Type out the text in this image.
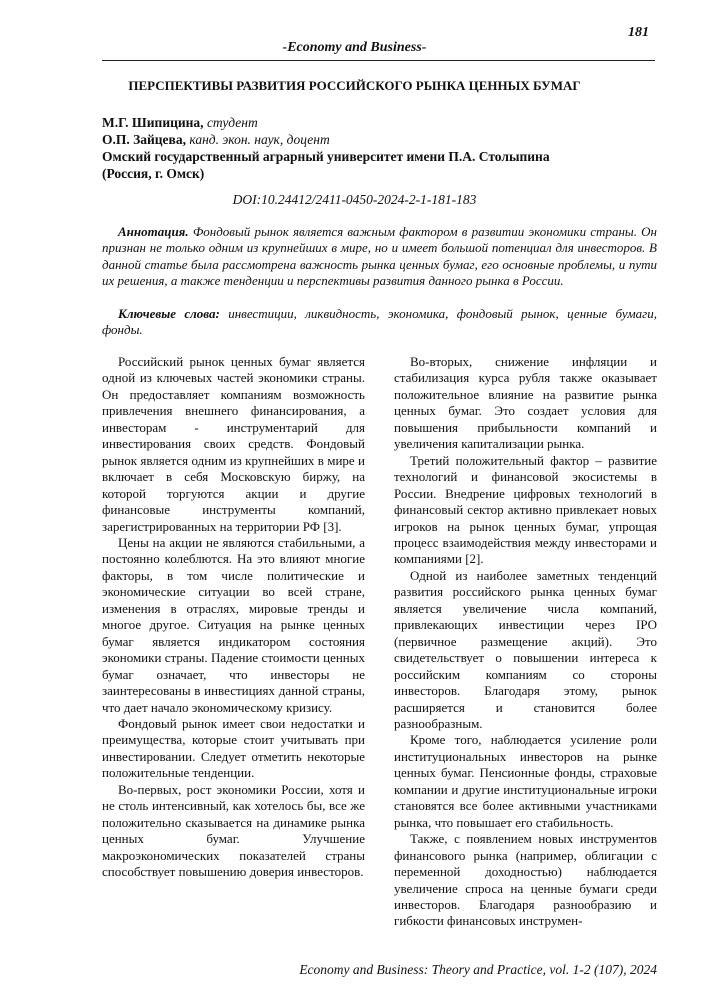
181
-Economy and Business-
ПЕРСПЕКТИВЫ РАЗВИТИЯ РОССИЙСКОГО РЫНКА ЦЕННЫХ БУМАГ
М.Г. Шипицина, студент
О.П. Зайцева, канд. экон. наук, доцент
Омский государственный аграрный университет имени П.А. Столыпина
(Россия, г. Омск)
DOI:10.24412/2411-0450-2024-2-1-181-183
Аннотация. Фондовый рынок является важным фактором в развитии экономики страны. Он признан не только одним из крупнейших в мире, но и имеет большой потенциал для инвесторов. В данной статье была рассмотрена важность рынка ценных бумаг, его основные проблемы, и пути их решения, а также тенденции и перспективы развития данного рынка в России.
Ключевые слова: инвестиции, ликвидность, экономика, фондовый рынок, ценные бумаги, фонды.

Российский рынок ценных бумаг является одной из ключевых частей экономики страны. Он предоставляет компаниям возможность привлечения внешнего финансирования, а инвесторам - инструментарий для инвестирования своих средств. Фондовый рынок является одним из крупнейших в мире и включает в себя Московскую биржу, на которой торгуются акции и другие финансовые инструменты компаний, зарегистрированных на территории РФ [3].

Цены на акции не являются стабильными, а постоянно колеблются. На это влияют многие факторы, в том числе политические и экономические ситуации во всей стране, изменения в отраслях, мировые тренды и многое другое. Ситуация на рынке ценных бумаг является индикатором состояния экономики страны. Падение стоимости ценных бумаг означает, что инвесторы не заинтересованы в инвестициях данной страны, что дает начало экономическому кризису.

Фондовый рынок имеет свои недостатки и преимущества, которые стоит учитывать при инвестировании. Следует отметить некоторые положительные тенденции.

Во-первых, рост экономики России, хотя и не столь интенсивный, как хотелось бы, все же положительно сказывается на динамике рынка ценных бумаг. Улучшение макроэкономических показателей страны способствует повышению доверия инвесторов.

Во-вторых, снижение инфляции и стабилизация курса рубля также оказывает положительное влияние на развитие рынка ценных бумаг. Это создает условия для повышения прибыльности компаний и увеличения капитализации рынка.

Третий положительный фактор – развитие технологий и финансовой экосистемы в России. Внедрение цифровых технологий в финансовый сектор активно привлекает новых игроков на рынок ценных бумаг, упрощая процесс взаимодействия между инвесторами и компаниями [2].

Одной из наиболее заметных тенденций развития российского рынка ценных бумаг является увеличение числа компаний, привлекающих инвестиции через IPO (первичное размещение акций). Это свидетельствует о повышении интереса к российским компаниям со стороны инвесторов. Благодаря этому, рынок расширяется и становится более разнообразным.

Кроме того, наблюдается усиление роли институциональных инвесторов на рынке ценных бумаг. Пенсионные фонды, страховые компании и другие институциональные игроки становятся все более активными участниками рынка, что повышает его стабильность.

Также, с появлением новых инструментов финансового рынка (например, облигации с переменной доходностью) наблюдается увеличение спроса на ценные бумаги среди инвесторов. Благодаря разнообразию и гибкости финансовых инструмен-

Economy and Business: Theory and Practice, vol. 1-2 (107), 2024
